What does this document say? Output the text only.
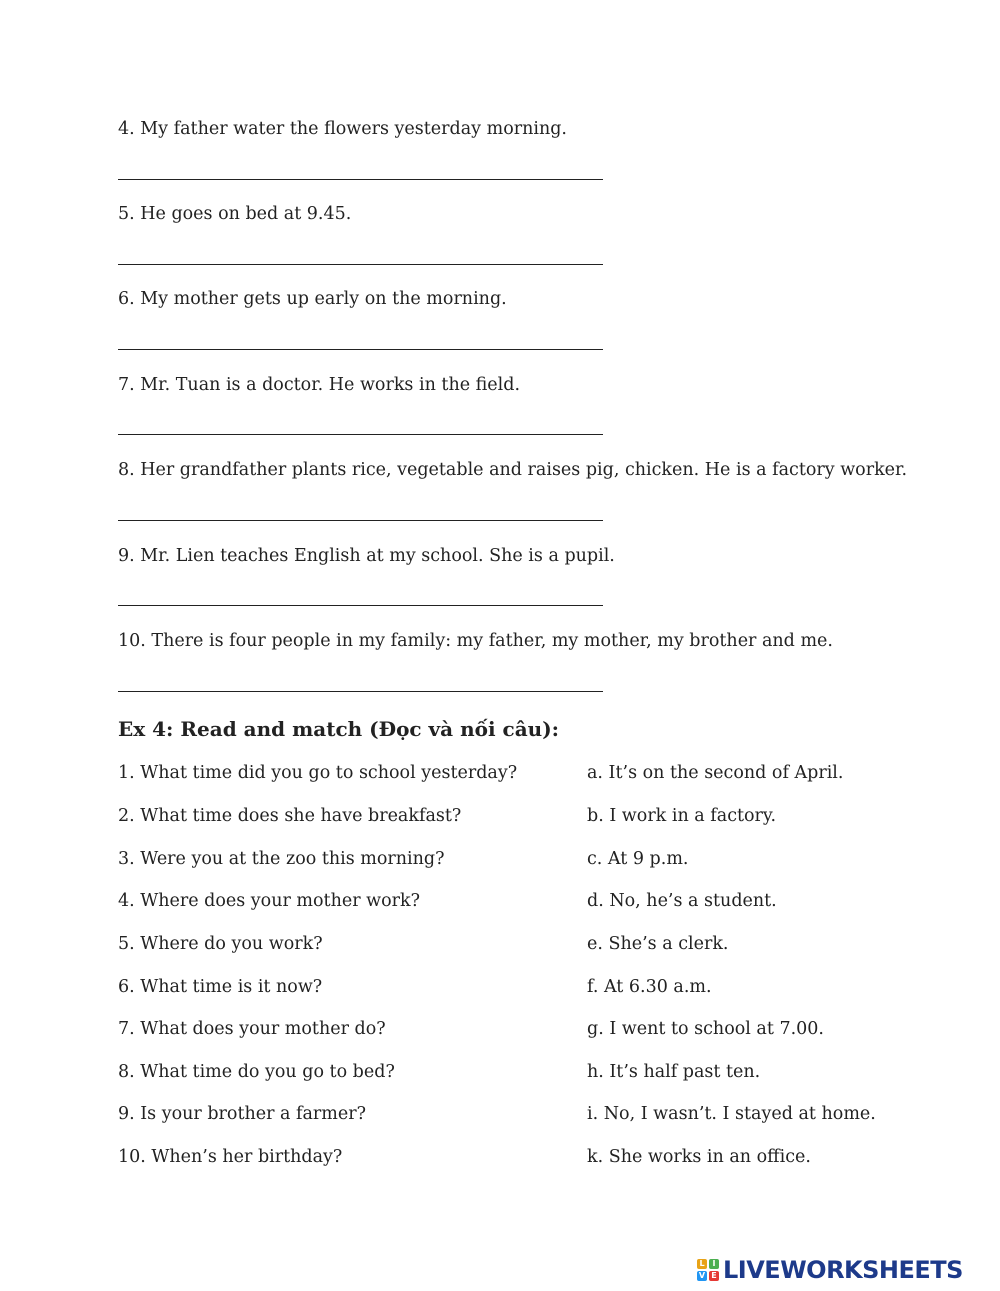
4. My father water the flowers yesterday morning.
5. He goes on bed at 9.45.
6. My mother gets up early on the morning.
7. Mr. Tuan is a doctor. He works in the field.
8. Her grandfather plants rice, vegetable and raises pig, chicken. He is a factory worker.
9. Mr. Lien teaches English at my school. She is a pupil.
10. There is four people in my family: my father, my mother, my brother and me.
Ex 4: Read and match (Đọc và nối câu):
1. What time did you go to school yesterday?
2. What time does she have breakfast?
3. Were you at the zoo this morning?
4. Where does your mother work?
5. Where do you work?
6. What time is it now?
7. What does your mother do?
8. What time do you go to bed?
9. Is your brother a farmer?
10. When’s her birthday?
a. It’s on the second of April.
b. I work in a factory.
c. At 9 p.m.
d. No, he’s a student.
e. She’s a clerk.
f. At 6.30 a.m.
g. I went to school at 7.00.
h. It’s half past ten.
i. No, I wasn’t. I stayed at home.
k. She works in an office.
L I
V E LIVEWORKSHEETS
